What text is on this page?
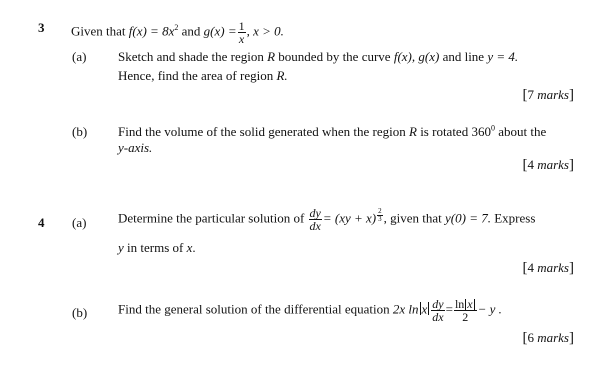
3 Given that $f(x) = 8x^2$ and $g(x) = \frac{1}{x}$ , x > 0.
(a) Sketch and shade the region R bounded by the curve f(x), g(x) and line y = 4.
Hence, find the area of region R.
[7 marks]
(b) Find the volume of the solid generated when the region R is rotated $360^0$ about the
y-axis.
[4 marks]
4 (a) Determine the particular solution of $\frac{dy}{dx} = (xy + x)$ $^{\frac{2}{3}}$ , given that y(0) = 7. Express
y in terms of x.
[4 marks]
(b) Find the general solution of the differential equation 2x ln x $\frac{dy}{dx} = \frac{\text{ln x}}{2} - y$ .
[6 marks]
